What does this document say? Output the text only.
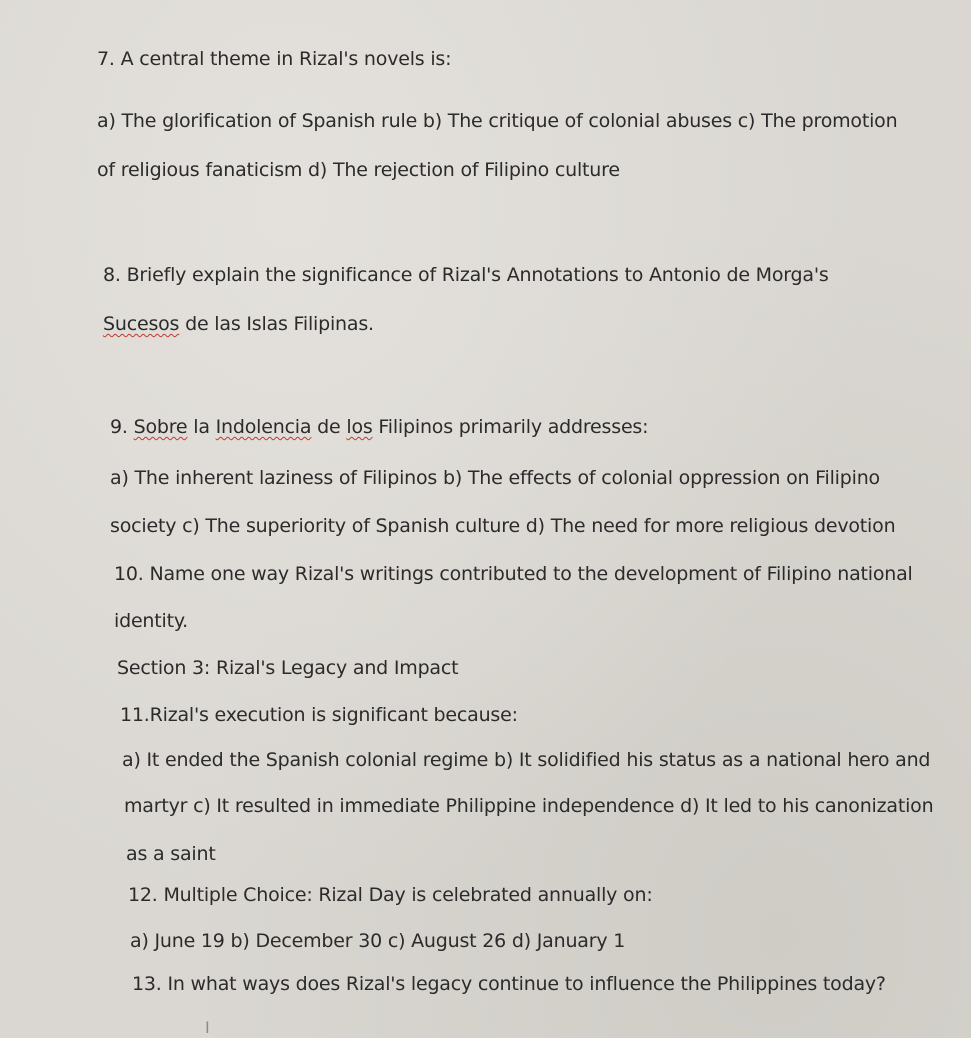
7. A central theme in Rizal's novels is:
a) The glorification of Spanish rule b) The critique of colonial abuses c) The promotion
of religious fanaticism d) The rejection of Filipino culture
8. Briefly explain the significance of Rizal's Annotations to Antonio de Morga's
Sucesos de las Islas Filipinas.
9. Sobre la Indolencia de los Filipinos primarily addresses:
a) The inherent laziness of Filipinos b) The effects of colonial oppression on Filipino
society c) The superiority of Spanish culture d) The need for more religious devotion
10. Name one way Rizal's writings contributed to the development of Filipino national
identity.
Section 3: Rizal's Legacy and Impact
11.Rizal's execution is significant because:
a) It ended the Spanish colonial regime b) It solidified his status as a national hero and
martyr c) It resulted in immediate Philippine independence d) It led to his canonization
as a saint
12. Multiple Choice: Rizal Day is celebrated annually on:
a) June 19 b) December 30 c) August 26 d) January 1
13. In what ways does Rizal's legacy continue to influence the Philippines today?
I
